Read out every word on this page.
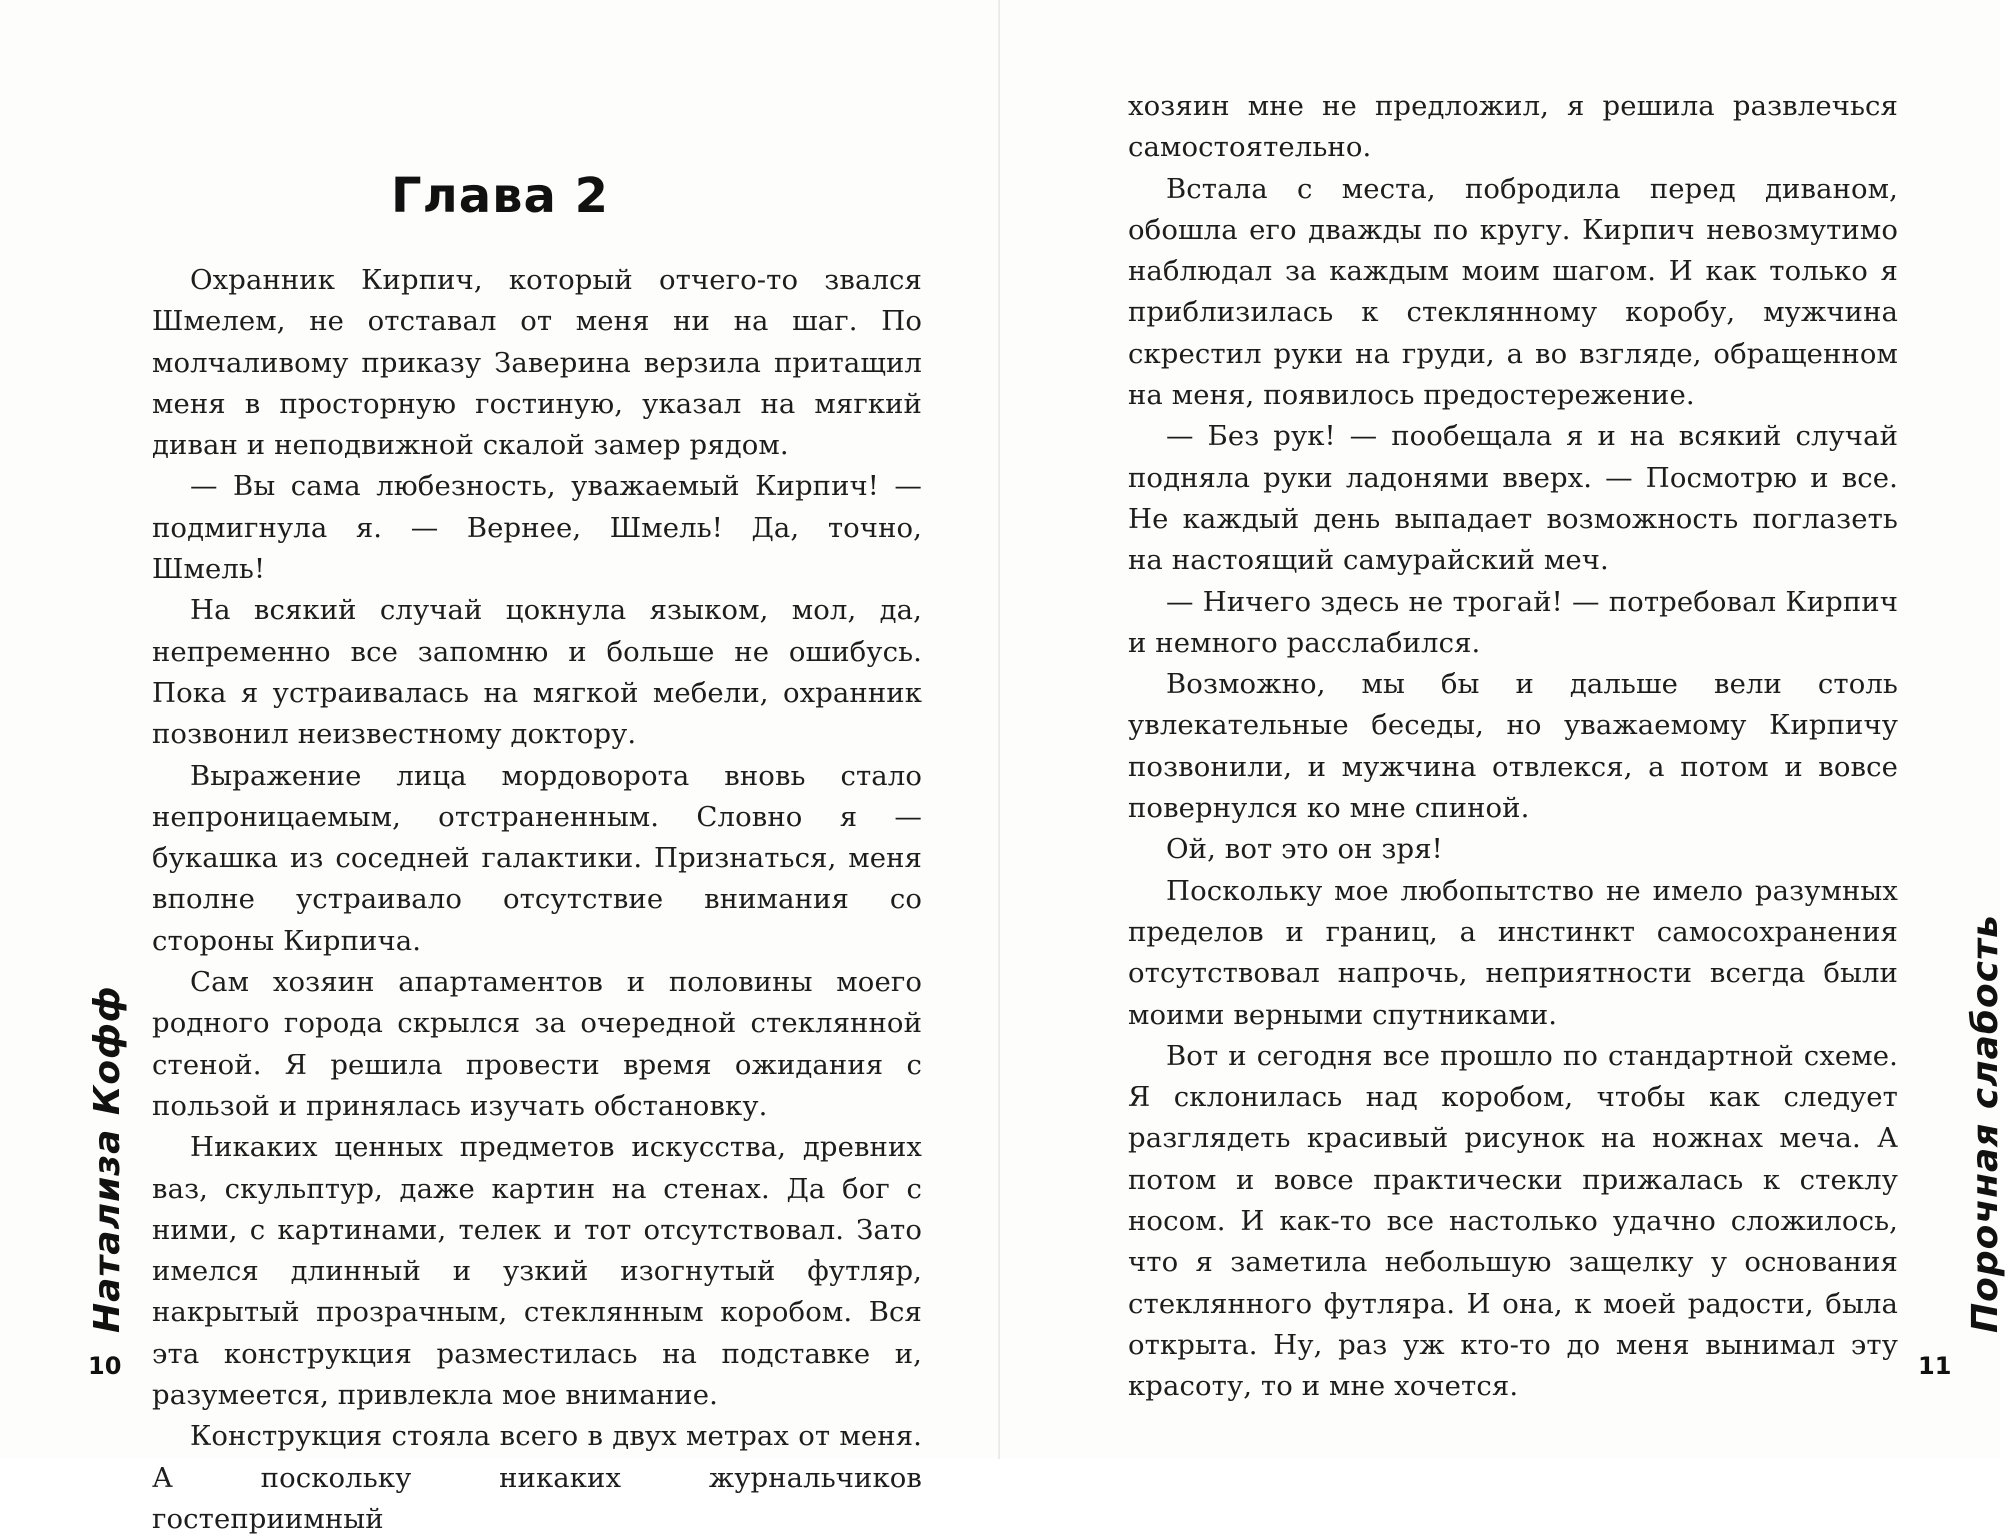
Глава 2

Охранник Кирпич, который отчего-то звался Шмелем, не отставал от меня ни на шаг. По молчаливому приказу Заверина верзила притащил меня в просторную гостиную, указал на мягкий диван и неподвижной скалой замер рядом.

— Вы сама любезность, уважаемый Кирпич! — подмигнула я. — Вернее, Шмель! Да, точно, Шмель!

На всякий случай цокнула языком, мол, да, непременно все запомню и больше не ошибусь. Пока я устраивалась на мягкой мебели, охранник позвонил неизвестному доктору.

Выражение лица мордоворота вновь стало непроницаемым, отстраненным. Словно я — букашка из соседней галактики. Признаться, меня вполне устраивало отсутствие внимания со стороны Кирпича.

Сам хозяин апартаментов и половины моего родного города скрылся за очередной стеклянной стеной. Я решила провести время ожидания с пользой и принялась изучать обстановку.

Никаких ценных предметов искусства, древних ваз, скульптур, даже картин на стенах. Да бог с ними, с картинами, телек и тот отсутствовал. Зато имелся длинный и узкий изогнутый футляр, накрытый прозрачным, стеклянным коробом. Вся эта конструкция разместилась на подставке и, разумеется, привлекла мое внимание.

Конструкция стояла всего в двух метрах от меня. А поскольку никаких журнальчиков гостеприимный

Натализа Кофф
10

хозяин мне не предложил, я решила развлечься самостоятельно.

Встала с места, побродила перед диваном, обошла его дважды по кругу. Кирпич невозмутимо наблюдал за каждым моим шагом. И как только я приблизилась к стеклянному коробу, мужчина скрестил руки на груди, а во взгляде, обращенном на меня, появилось предостережение.

— Без рук! — пообещала я и на всякий случай подняла руки ладонями вверх. — Посмотрю и все. Не каждый день выпадает возможность поглазеть на настоящий самурайский меч.

— Ничего здесь не трогай! — потребовал Кирпич и немного расслабился.

Возможно, мы бы и дальше вели столь увлекательные беседы, но уважаемому Кирпичу позвонили, и мужчина отвлекся, а потом и вовсе повернулся ко мне спиной.

Ой, вот это он зря!

Поскольку мое любопытство не имело разумных пределов и границ, а инстинкт самосохранения отсутствовал напрочь, неприятности всегда были моими верными спутниками.

Вот и сегодня все прошло по стандартной схеме. Я склонилась над коробом, чтобы как следует разглядеть красивый рисунок на ножнах меча. А потом и вовсе практически прижалась к стеклу носом. И как-то все настолько удачно сложилось, что я заметила небольшую защелку у основания стеклянного футляра. И она, к моей радости, была открыта. Ну, раз уж кто-то до меня вынимал эту красоту, то и мне хочется.

Порочная слабость
11
